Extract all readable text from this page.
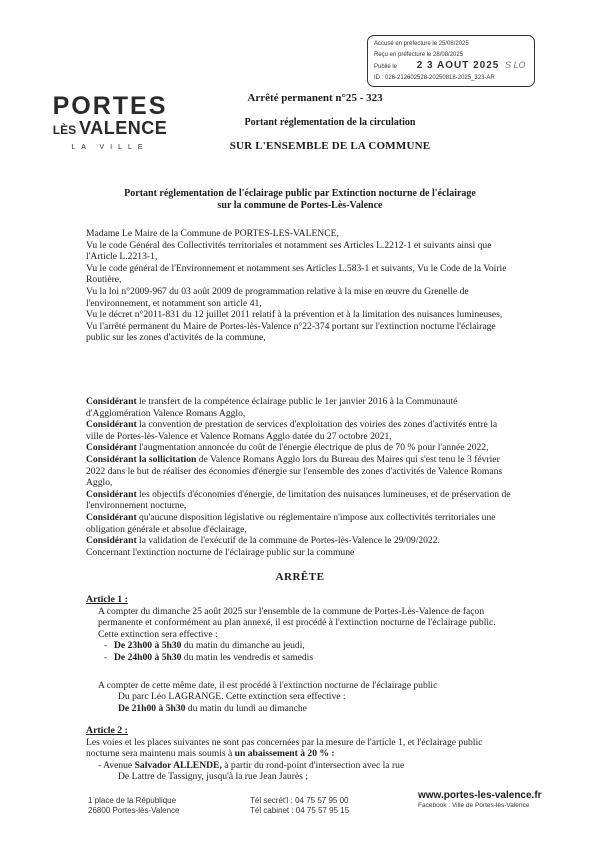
Accusé en préfecture le 25/08/2025
Reçu en préfecture le 28/08/2025
Publié le 2 3 AOUT 2025 S LO
ID : 026-212602528-20250818-2025_323-AR
PORTES
LÈS VALENCE
LA VILLE
Arrêté permanent n°25 - 323
Portant réglementation de la circulation
SUR L'ENSEMBLE DE LA COMMUNE
Portant réglementation de l'éclairage public par Extinction nocturne de l'éclairage
sur la commune de Portes-Lès-Valence

Madame Le Maire de la Commune de PORTES-LES-VALENCE,

Vu le code Général des Collectivités territoriales et notamment ses Articles L.2212-1 et suivants ainsi que l'Article L.2213-1,

Vu le code général de l'Environnement et notamment ses Articles L.583-1 et suivants, Vu le Code de la Voirie Routière,

Vu la loi n°2009-967 du 03 août 2009 de programmation relative à la mise en œuvre du Grenelle de l'environnement, et notamment son article 41,

Vu le décret n°2011-831 du 12 juillet 2011 relatif à la prévention et à la limitation des nuisances lumineuses,

Vu l'arrêté permanent du Maire de Portes-lès-Valence n°22-374 portant sur l'extinction nocturne l'éclairage public sur les zones d'activités de la commune,

Considérant le transfert de la compétence éclairage public le 1er janvier 2016 à la Communauté d'Agglomération Valence Romans Agglo,

Considérant la convention de prestation de services d'exploitation des voiries des zones d'activités entre la ville de Portes-lès-Valence et Valence Romans Agglo datée du 27 octobre 2021,

Considérant l'augmentation annoncée du coût de l'énergie électrique de plus de 70 % pour l'année 2022,

Considérant la sollicitation de Valence Romans Agglo lors du Bureau des Maires qui s'est tenu le 3 février 2022 dans le but de réaliser des économies d'énergie sur l'ensemble des zones d'activités de Valence Romans Agglo,

Considérant les objectifs d'économies d'énergie, de limitation des nuisances lumineuses, et de préservation de l'environnement nocturne,

Considérant qu'aucune disposition législative ou réglementaire n'impose aux collectivités territoriales une obligation générale et absolue d'éclairage,

Considérant la validation de l'exécutif de la commune de Portes-lès-Valence le 29/09/2022.

Concernant l'extinction nocturne de l'éclairage public sur la commune

ARRÊTE

Article 1 :

A compter du dimanche 25 août 2025 sur l'ensemble de la commune de Portes-Lès-Valence de façon permanente et conformément au plan annexé, il est procédé à l'extinction nocturne de l'éclairage public. Cette extinction sera effective :

- De 23h00 à 5h30 du matin du dimanche au jeudi,

- De 24h00 à 5h30 du matin les vendredis et samedis

A compter de cette même date, il est procédé à l'extinction nocturne de l'éclairage public

Du parc Léo LAGRANGE. Cette extinction sera effective :

De 21h00 à 5h30 du matin du lundi au dimanche

Article 2 :

Les voies et les places suivantes ne sont pas concernées par la mesure de l'article 1, et l'éclairage public nocturne sera maintenu mais soumis à un abaissement à 20 % :

- Avenue Salvador ALLENDE, à partir du rond-point d'intersection avec la rue

De Lattre de Tassigny, jusqu'à la rue Jean Jaurès ;

1 place de la République
26800 Portes-lès-Valence
Tél secrét'l : 04 75 57 95 00
Tél cabinet : 04 75 57 95 15
www.portes-les-valence.fr
Facebook : Ville de Portes-lès-Valence
